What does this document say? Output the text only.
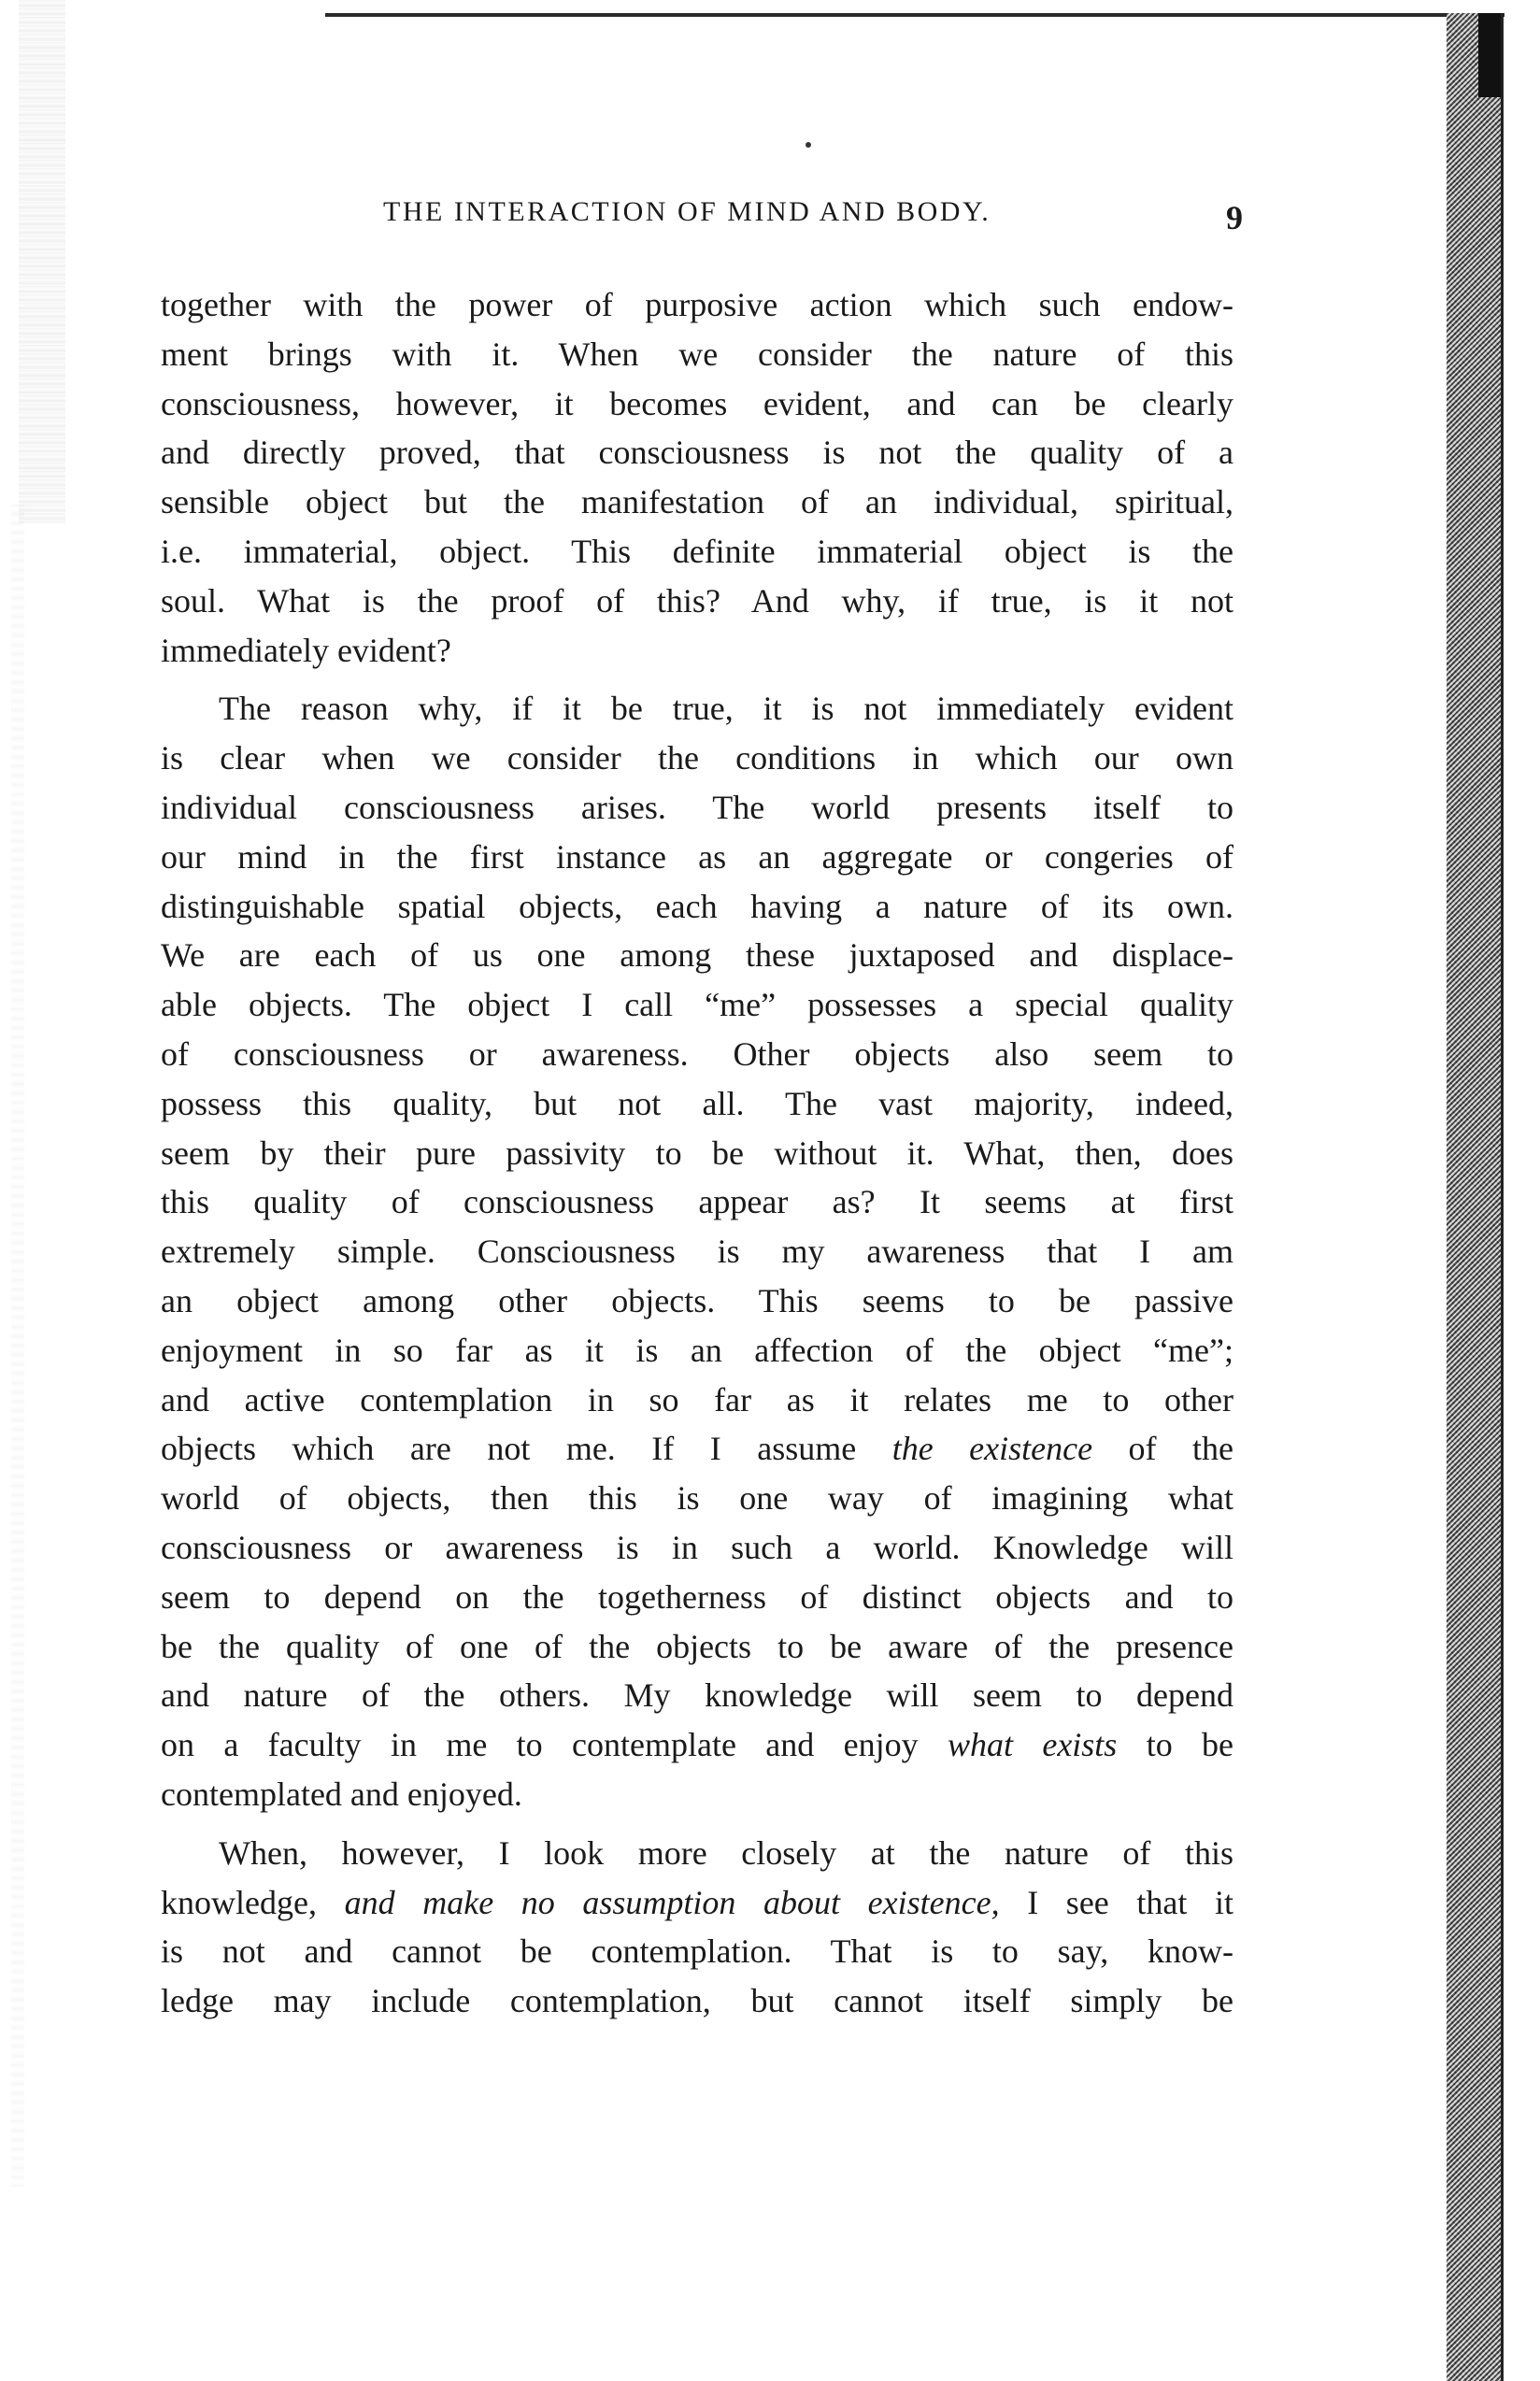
THE INTERACTION OF MIND AND BODY.	9
together with the power of purposive action which such endow-
ment brings with it. When we consider the nature of this
consciousness, however, it becomes evident, and can be clearly
and directly proved, that consciousness is not the quality of a
sensible object but the manifestation of an individual, spiritual,
i.e. immaterial, object. This definite immaterial object is the
soul. What is the proof of this? And why, if true, is it not
immediately evident?
The reason why, if it be true, it is not immediately evident
is clear when we consider the conditions in which our own
individual consciousness arises. The world presents itself to
our mind in the first instance as an aggregate or congeries of
distinguishable spatial objects, each having a nature of its own.
We are each of us one among these juxtaposed and displace-
able objects. The object I call “me” possesses a special quality
of consciousness or awareness. Other objects also seem to
possess this quality, but not all. The vast majority, indeed,
seem by their pure passivity to be without it. What, then, does
this quality of consciousness appear as? It seems at first
extremely simple. Consciousness is my awareness that I am
an object among other objects. This seems to be passive
enjoyment in so far as it is an affection of the object “me”;
and active contemplation in so far as it relates me to other
objects which are not me. If I assume the existence of the
world of objects, then this is one way of imagining what
consciousness or awareness is in such a world. Knowledge will
seem to depend on the togetherness of distinct objects and to
be the quality of one of the objects to be aware of the presence
and nature of the others. My knowledge will seem to depend
on a faculty in me to contemplate and enjoy what exists to be
contemplated and enjoyed.
When, however, I look more closely at the nature of this
knowledge, and make no assumption about existence, I see that it
is not and cannot be contemplation. That is to say, know-
ledge may include contemplation, but cannot itself simply be
